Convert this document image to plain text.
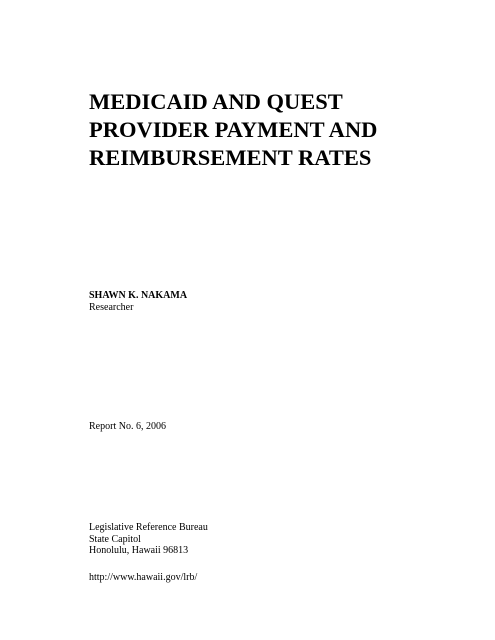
MEDICAID AND QUEST
PROVIDER PAYMENT AND
REIMBURSEMENT RATES
SHAWN K. NAKAMA
Researcher
Report No. 6, 2006
Legislative Reference Bureau
State Capitol
Honolulu, Hawaii 96813
http://www.hawaii.gov/lrb/
